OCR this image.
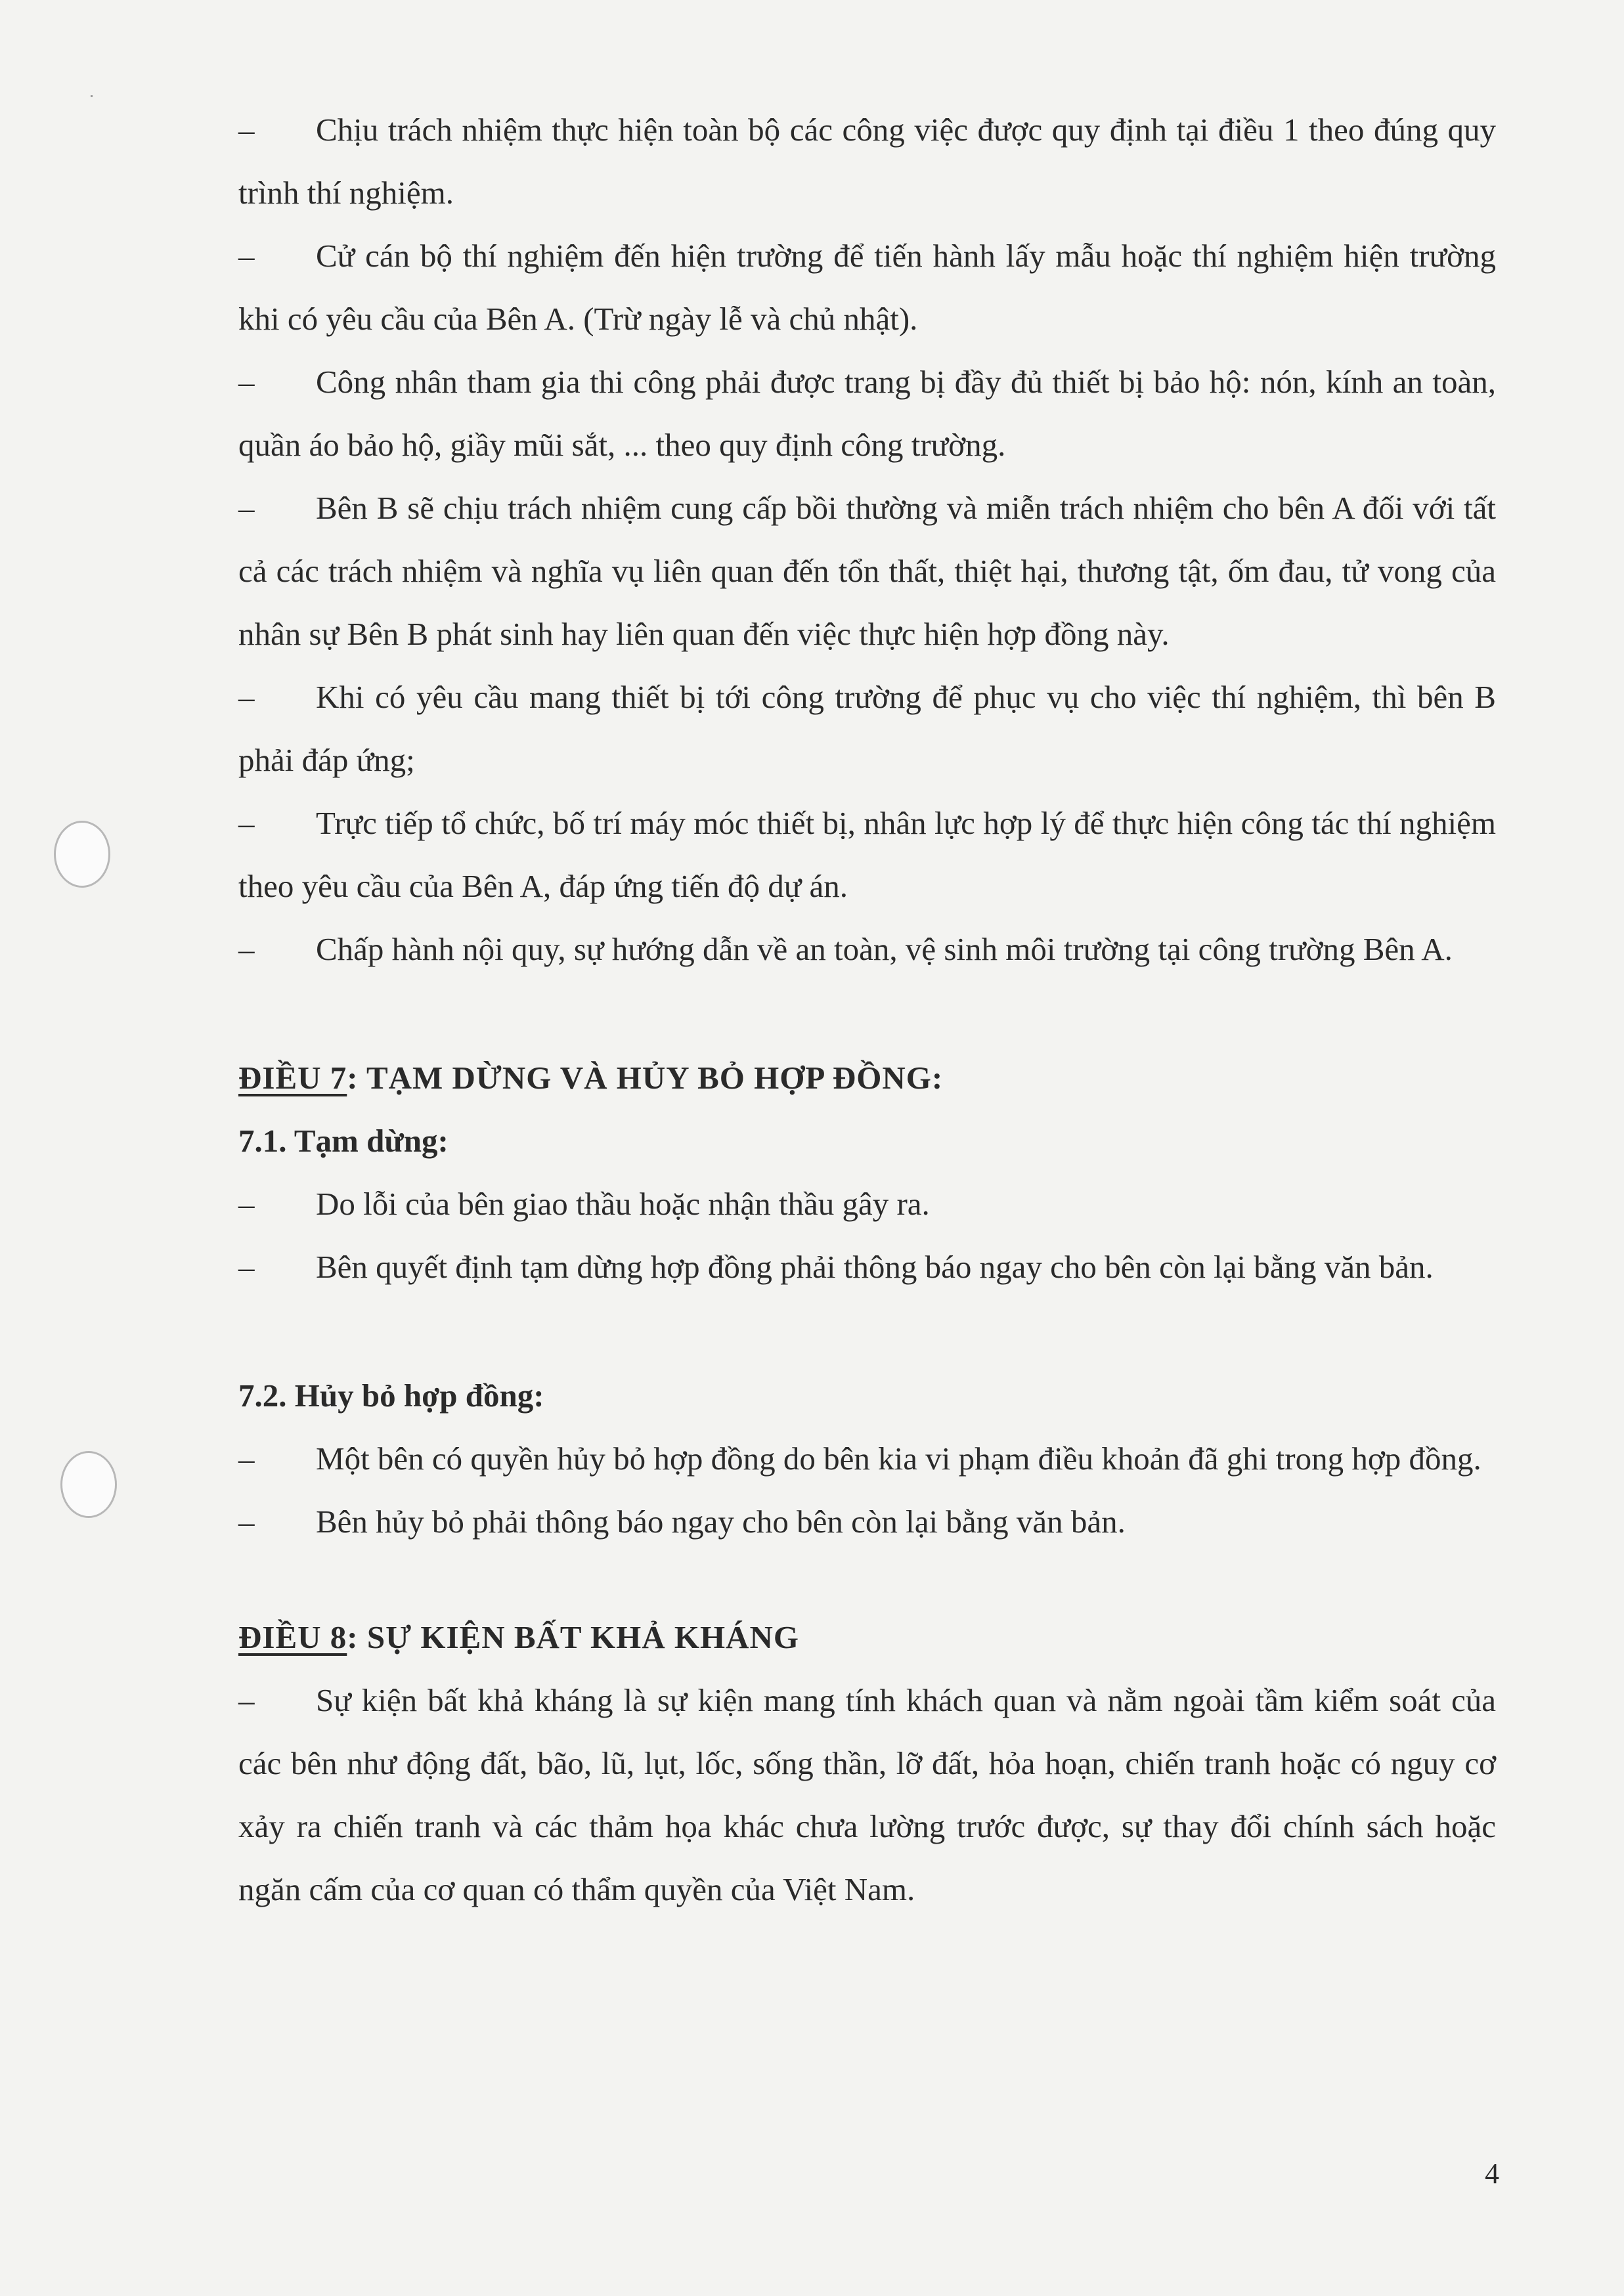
– Chịu trách nhiệm thực hiện toàn bộ các công việc được quy định tại điều 1 theo đúng quy trình thí nghiệm.

– Cử cán bộ thí nghiệm đến hiện trường để tiến hành lấy mẫu hoặc thí nghiệm hiện trường khi có yêu cầu của Bên A. (Trừ ngày lễ và chủ nhật).

– Công nhân tham gia thi công phải được trang bị đầy đủ thiết bị bảo hộ: nón, kính an toàn, quần áo bảo hộ, giầy mũi sắt, ... theo quy định công trường.

– Bên B sẽ chịu trách nhiệm cung cấp bồi thường và miễn trách nhiệm cho bên A đối với tất cả các trách nhiệm và nghĩa vụ liên quan đến tổn thất, thiệt hại, thương tật, ốm đau, tử vong của nhân sự Bên B phát sinh hay liên quan đến việc thực hiện hợp đồng này.

– Khi có yêu cầu mang thiết bị tới công trường để phục vụ cho việc thí nghiệm, thì bên B phải đáp ứng;

– Trực tiếp tổ chức, bố trí máy móc thiết bị, nhân lực hợp lý để thực hiện công tác thí nghiệm theo yêu cầu của Bên A, đáp ứng tiến độ dự án.

– Chấp hành nội quy, sự hướng dẫn về an toàn, vệ sinh môi trường tại công trường Bên A.

ĐIỀU 7: TẠM DỪNG VÀ HỦY BỎ HỢP ĐỒNG:

7.1. Tạm dừng:

– Do lỗi của bên giao thầu hoặc nhận thầu gây ra.

– Bên quyết định tạm dừng hợp đồng phải thông báo ngay cho bên còn lại bằng văn bản.

7.2. Hủy bỏ hợp đồng:

– Một bên có quyền hủy bỏ hợp đồng do bên kia vi phạm điều khoản đã ghi trong hợp đồng.

– Bên hủy bỏ phải thông báo ngay cho bên còn lại bằng văn bản.

ĐIỀU 8: SỰ KIỆN BẤT KHẢ KHÁNG

– Sự kiện bất khả kháng là sự kiện mang tính khách quan và nằm ngoài tầm kiểm soát của các bên như động đất, bão, lũ, lụt, lốc, sống thần, lỡ đất, hỏa hoạn, chiến tranh hoặc có nguy cơ xảy ra chiến tranh và các thảm họa khác chưa lường trước được, sự thay đổi chính sách hoặc ngăn cấm của cơ quan có thẩm quyền của Việt Nam.

4
